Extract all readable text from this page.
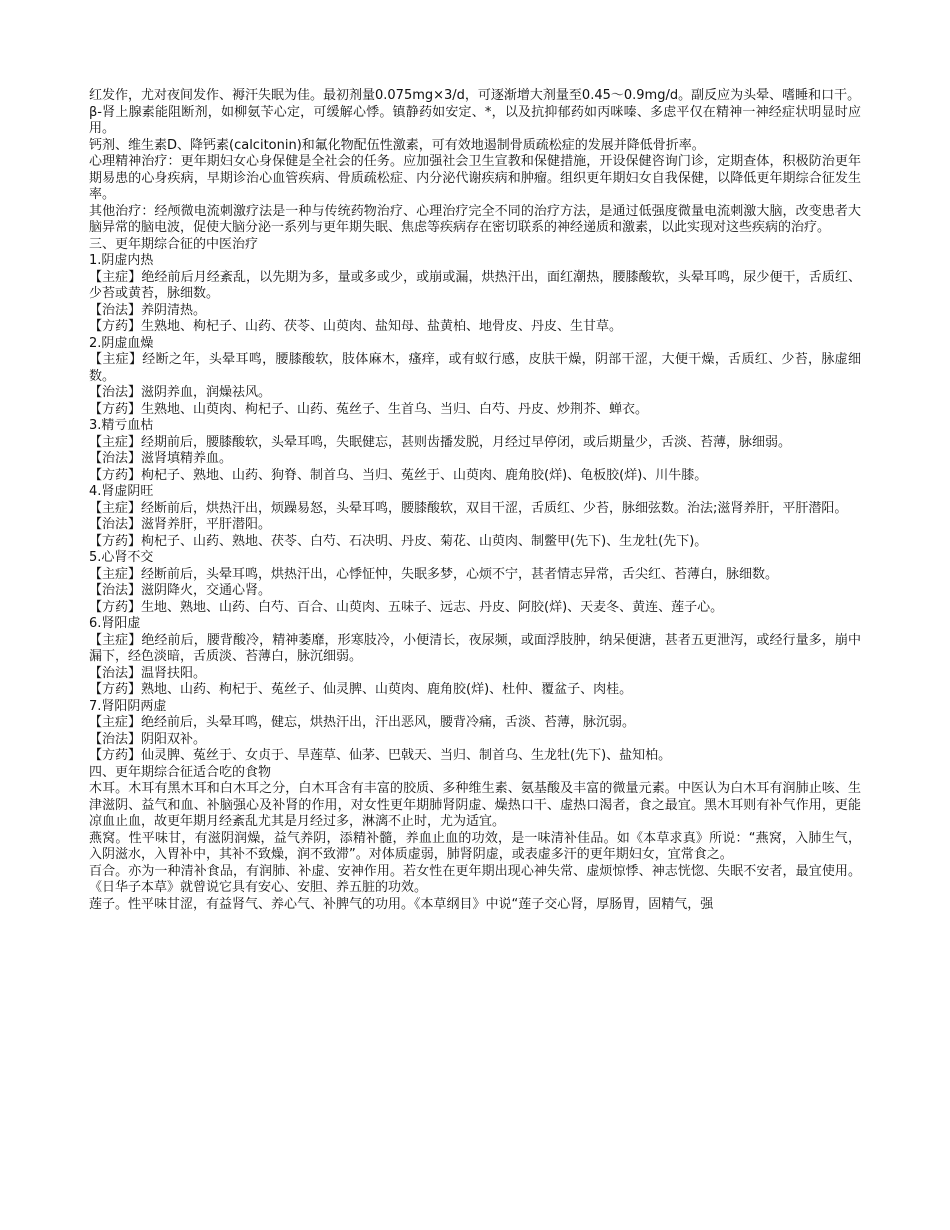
红发作，尤对夜间发作、褥汗失眠为佳。最初剂量0.075mg×3/d，可逐渐增大剂量至0.45～0.9mg/d。副反应为头晕、嗜睡和口干。

β-肾上腺素能阻断剂，如柳氨苄心定，可缓解心悸。镇静药如安定、*，以及抗抑郁药如丙咪嗪、多虑平仅在精神一神经症状明显时应用。

钙剂、维生素D、降钙素(calcitonin)和氟化物配伍性激素，可有效地遏制骨质疏松症的发展并降低骨折率。

心理精神治疗：更年期妇女心身保健是全社会的任务。应加强社会卫生宣教和保健措施，开设保健咨询门诊，定期查体，积极防治更年期易患的心身疾病，早期诊治心血管疾病、骨质疏松症、内分泌代谢疾病和肿瘤。组织更年期妇女自我保健，以降低更年期综合征发生率。

其他治疗：经颅微电流刺激疗法是一种与传统药物治疗、心理治疗完全不同的治疗方法，是通过低强度微量电流刺激大脑，改变患者大脑异常的脑电波，促使大脑分泌一系列与更年期失眠、焦虑等疾病存在密切联系的神经递质和激素，以此实现对这些疾病的治疗。

三、更年期综合征的中医治疗

1.阴虚内热

【主症】绝经前后月经紊乱，以先期为多，量或多或少，或崩或漏，烘热汗出，面红潮热，腰膝酸软，头晕耳鸣，尿少便干，舌质红、少苔或黄苔，脉细数。

【治法】养阴清热。

【方药】生熟地、枸杞子、山药、茯苓、山萸肉、盐知母、盐黄柏、地骨皮、丹皮、生甘草。

2.阴虚血燥

【主症】经断之年，头晕耳鸣，腰膝酸软，肢体麻木，瘙痒，或有蚁行感，皮肤干燥，阴部干涩，大便干燥，舌质红、少苔，脉虚细数。

【治法】滋阴养血，润燥祛风。

【方药】生熟地、山萸肉、枸杞子、山药、菟丝子、生首乌、当归、白芍、丹皮、炒荆芥、蝉衣。

3.精亏血枯

【主症】经期前后，腰膝酸软，头晕耳鸣，失眠健忘，甚则齿播发脱，月经过早停闭，或后期量少，舌淡、苔薄，脉细弱。

【治法】滋肾填精养血。

【方药】枸杞子、熟地、山药、狗脊、制首乌、当归、菟丝于、山萸肉、鹿角胶(烊)、龟板胶(烊)、川牛膝。

4.肾虚阴旺

【主症】经断前后，烘热汗出，烦躁易怒，头晕耳鸣，腰膝酸软，双目干涩，舌质红、少苔，脉细弦数。治法;滋肾养肝，平肝潜阳。

【治法】滋肾养肝，平肝潜阳。

【方药】枸杞子、山药、熟地、茯苓、白芍、石决明、丹皮、菊花、山萸肉、制鳖甲(先下)、生龙牡(先下)。

5.心肾不交

【主症】经断前后，头晕耳鸣，烘热汗出，心悸怔忡，失眠多梦，心烦不宁，甚者情志异常，舌尖红、苔薄白，脉细数。

【治法】滋阴降火，交通心肾。

【方药】生地、熟地、山药、白芍、百合、山萸肉、五味子、远志、丹皮、阿胶(烊)、天麦冬、黄连、莲子心。

6.肾阳虚

【主症】绝经前后，腰背酸冷，精神萎靡，形寒肢冷，小便清长，夜尿频，或面浮肢肿，纳呆便溏，甚者五更泄泻，或经行量多，崩中漏下，经色淡暗，舌质淡、苔薄白，脉沉细弱。

【治法】温肾扶阳。

【方药】熟地、山药、枸杞于、菟丝子、仙灵脾、山萸肉、鹿角胶(烊)、杜仲、覆盆子、肉桂。

7.肾阳阴两虚

【主症】绝经前后，头晕耳鸣，健忘，烘热汗出，汗出恶风，腰背冷痛，舌淡、苔薄，脉沉弱。

【治法】阴阳双补。

【方药】仙灵脾、菟丝于、女贞于、旱莲草、仙茅、巴戟天、当归、制首乌、生龙牡(先下)、盐知柏。

四、更年期综合征适合吃的食物

木耳。木耳有黑木耳和白木耳之分，白木耳含有丰富的胶质、多种维生素、氨基酸及丰富的微量元素。中医认为白木耳有润肺止咳、生津滋阴、益气和血、补脑强心及补肾的作用，对女性更年期肺肾阴虚、燥热口干、虚热口渴者，食之最宜。黑木耳则有补气作用，更能凉血止血，故更年期月经紊乱尤其是月经过多，淋漓不止时，尤为适宜。

燕窝。性平味甘，有滋阴润燥，益气养阴，添精补髓，养血止血的功效，是一味清补佳品。如《本草求真》所说：“燕窝，入肺生气，入阴滋水，入胃补中，其补不致燥，润不致滞”。对体质虚弱，肺肾阴虚，或表虚多汗的更年期妇女，宜常食之。

百合。亦为一种清补食品，有润肺、补虚、安神作用。若女性在更年期出现心神失常、虚烦惊悸、神志恍惚、失眠不安者，最宜使用。《日华子本草》就曾说它具有安心、安胆、养五脏的功效。

莲子。性平味甘涩，有益肾气、养心气、补脾气的功用。《本草纲目》中说“莲子交心肾，厚肠胃，固精气，强
